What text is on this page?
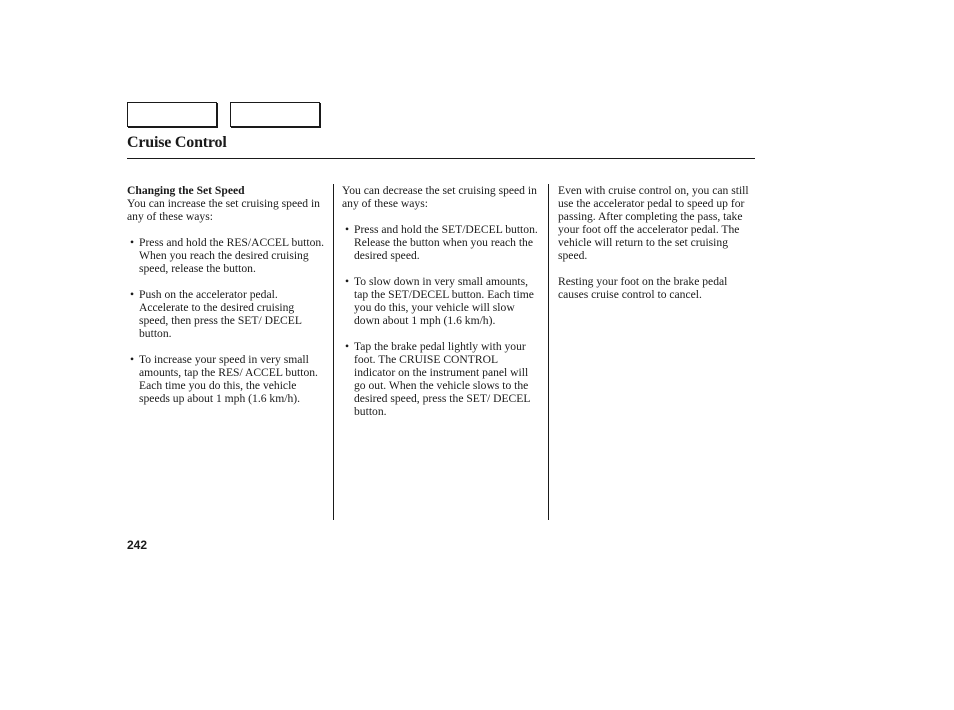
Cruise Control

Changing the Set Speed

You can increase the set cruising speed in any of these ways:

• Press and hold the RES/ACCEL button. When you reach the desired cruising speed, release the button.
• Push on the accelerator pedal. Accelerate to the desired cruising speed, then press the SET/ DECEL button.
• To increase your speed in very small amounts, tap the RES/ ACCEL button. Each time you do this, the vehicle speeds up about 1 mph (1.6 km/h).

You can decrease the set cruising speed in any of these ways:

• Press and hold the SET/DECEL button. Release the button when you reach the desired speed.
• To slow down in very small amounts, tap the SET/DECEL button. Each time you do this, your vehicle will slow down about 1 mph (1.6 km/h).
• Tap the brake pedal lightly with your foot. The CRUISE CONTROL indicator on the instrument panel will go out. When the vehicle slows to the desired speed, press the SET/ DECEL button.

Even with cruise control on, you can still use the accelerator pedal to speed up for passing. After completing the pass, take your foot off the accelerator pedal. The vehicle will return to the set cruising speed.

Resting your foot on the brake pedal causes cruise control to cancel.

242
